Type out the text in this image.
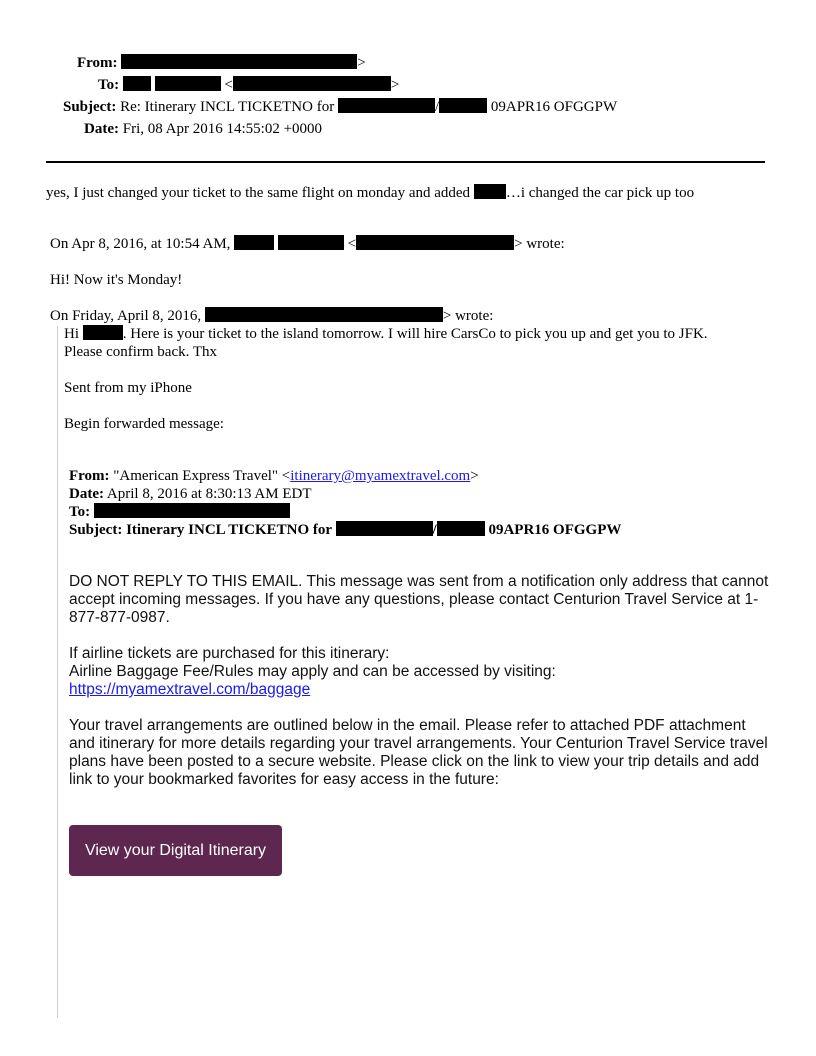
From:	>
To:	<	>
Subject: Re: Itinerary INCL TICKETNO for	/	09APR16 OFGGPW
Date: Fri, 08 Apr 2016 14:55:02 +0000
yes, I just changed your ticket to the same flight on monday and added …i changed the car pick up too
On Apr 8, 2016, at 10:54 AM,	<	> wrote:
Hi! Now it's Monday!
On Friday, April 8, 2016,	> wrote:
Hi	. Here is your ticket to the island tomorrow. I will hire CarsCo to pick you up and get you to JFK.
Please confirm back. Thx
Sent from my iPhone
Begin forwarded message:
From: "American Express Travel" <itinerary@myamextravel.com>
Date: April 8, 2016 at 8:30:13 AM EDT
To:
Subject: Itinerary INCL TICKETNO for	/	09APR16 OFGGPW
DO NOT REPLY TO THIS EMAIL. This message was sent from a notification only address that cannot accept incoming messages. If you have any questions, please contact Centurion Travel Service at 1-877-877-0987.
If airline tickets are purchased for this itinerary:
Airline Baggage Fee/Rules may apply and can be accessed by visiting:
https://myamextravel.com/baggage
Your travel arrangements are outlined below in the email. Please refer to attached PDF attachment and itinerary for more details regarding your travel arrangements. Your Centurion Travel Service travel plans have been posted to a secure website. Please click on the link to view your trip details and add link to your bookmarked favorites for easy access in the future:
View your Digital Itinerary
